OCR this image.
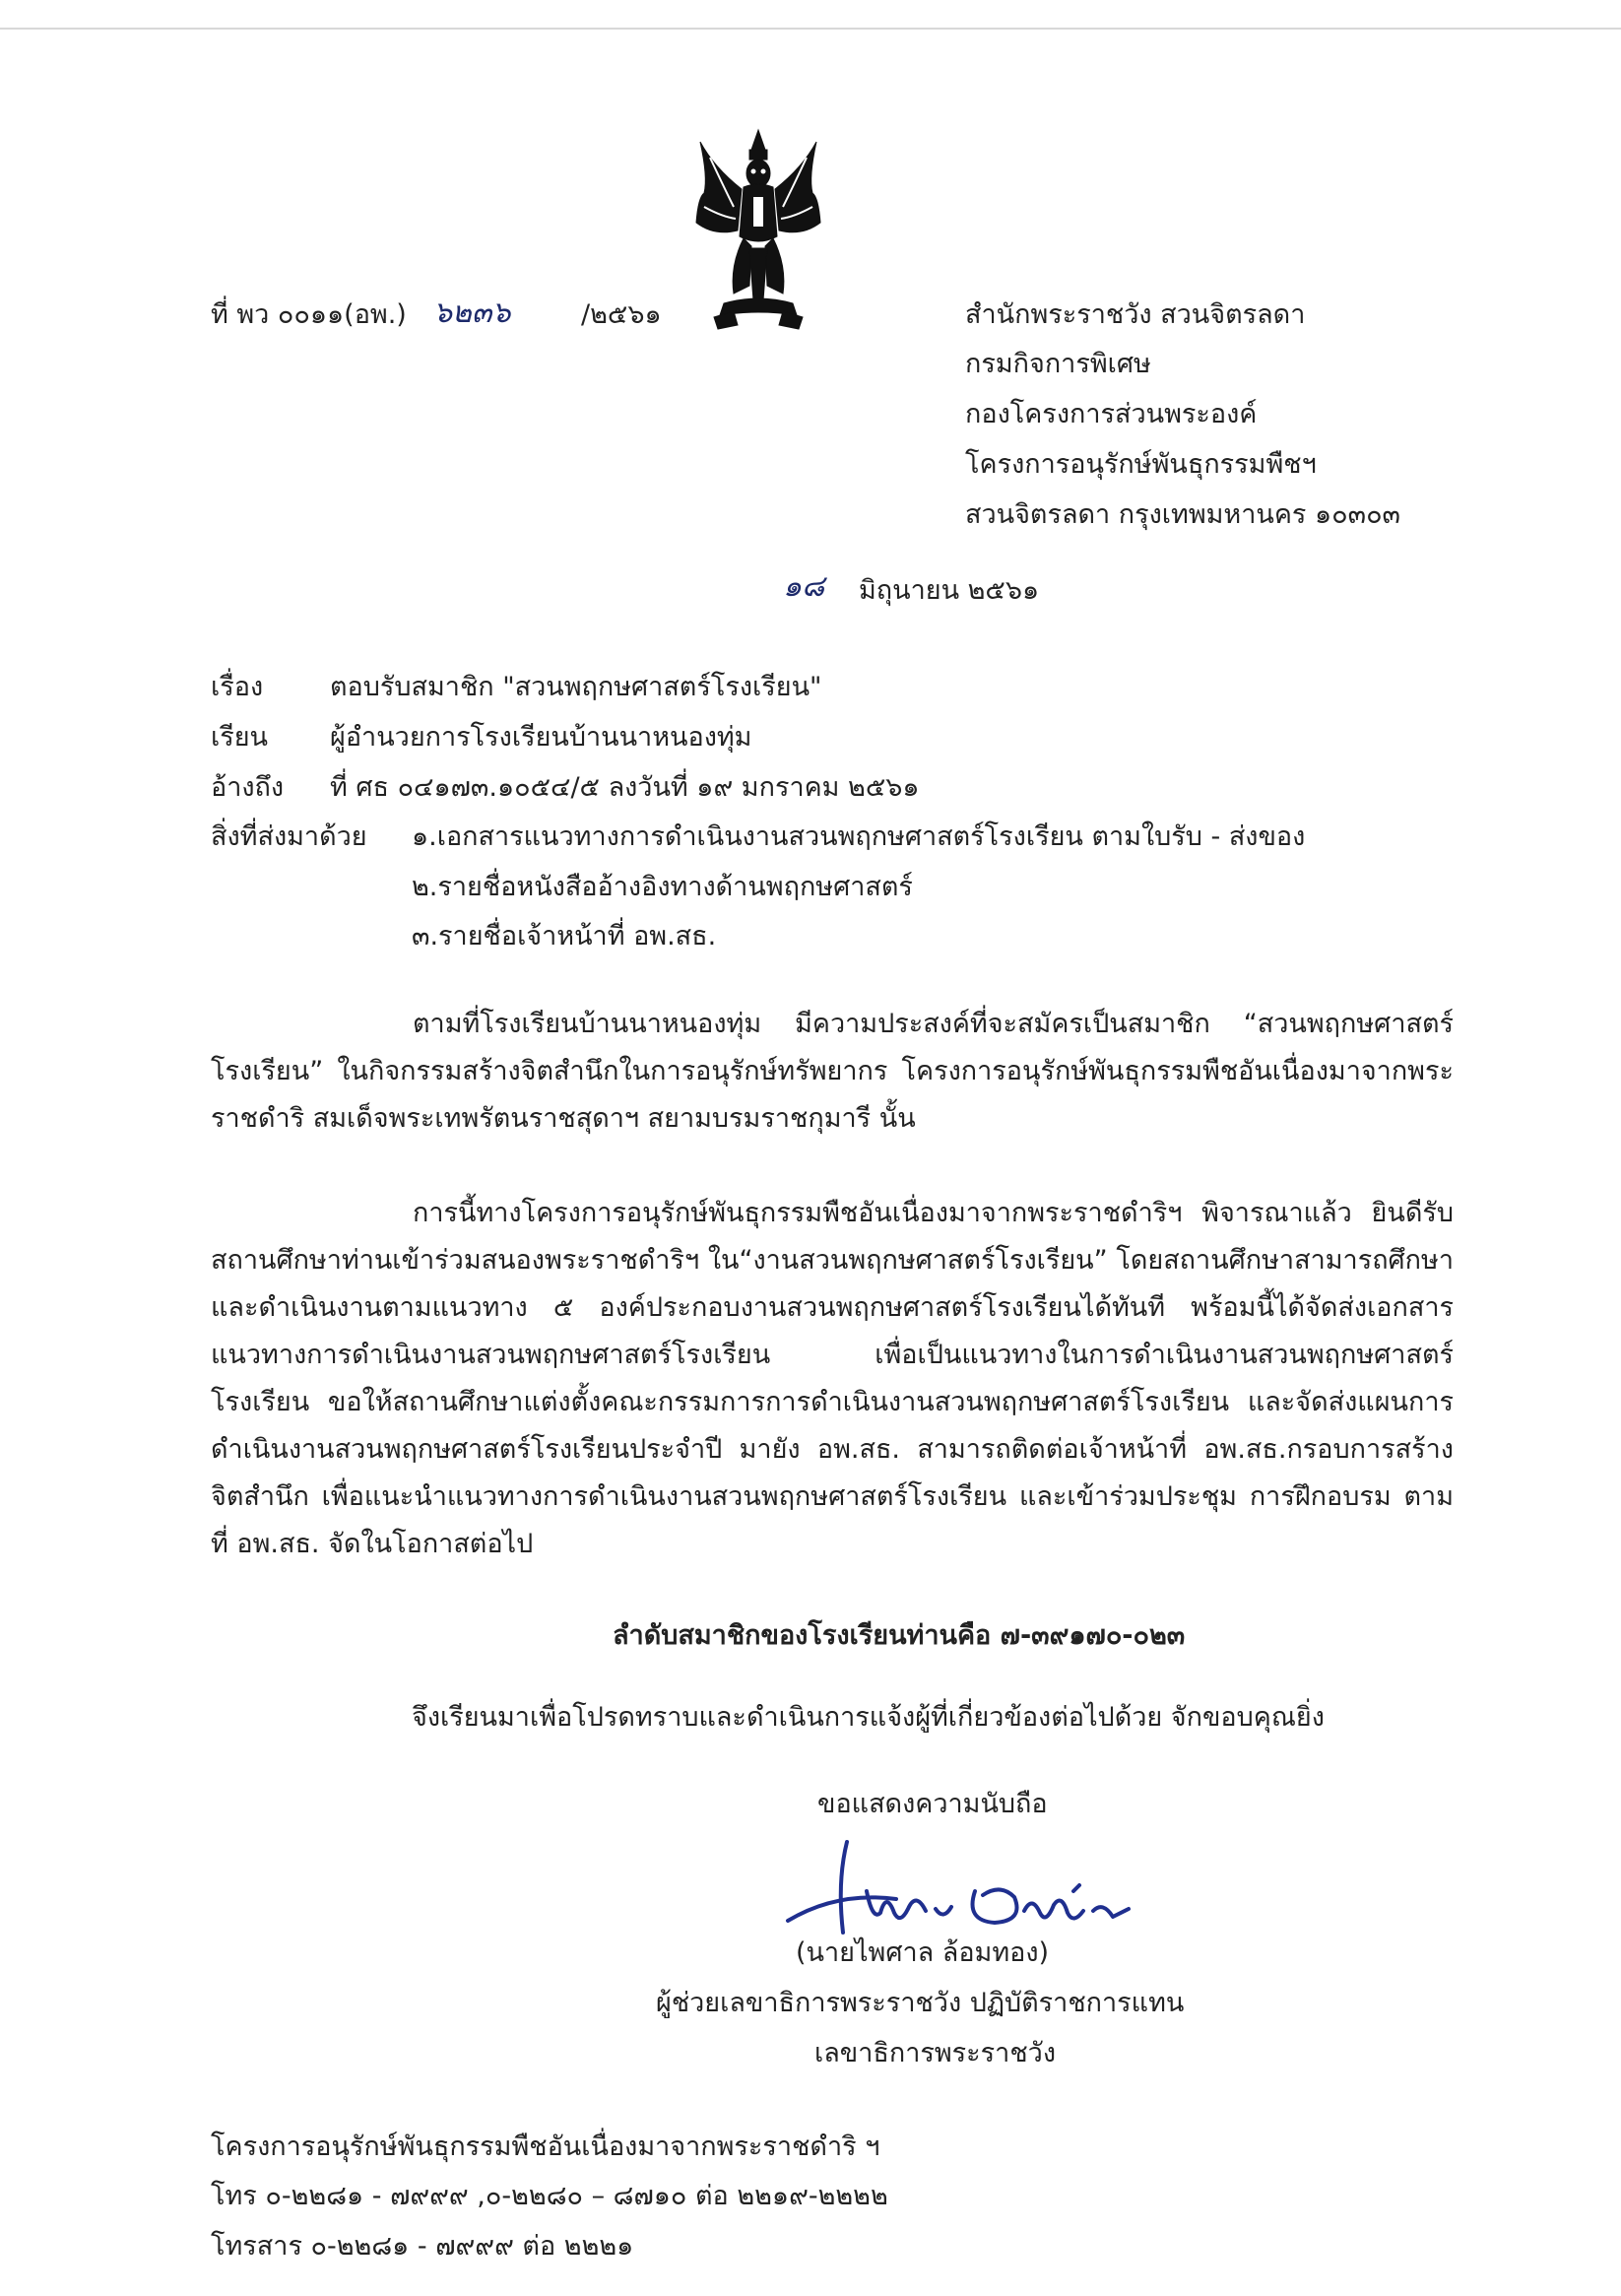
ที่ พว ๐๐๑๑(อพ.) ๖๒๓๖	/๒๕๖๑	สำนักพระราชวัง สวนจิตรลดา
กรมกิจการพิเศษ
กองโครงการส่วนพระองค์
โครงการอนุรักษ์พันธุกรรมพืชฯ
สวนจิตรลดา กรุงเทพมหานคร ๑๐๓๐๓
๑๘ มิถุนายน ๒๕๖๑
เรื่อง	ตอบรับสมาชิก "สวนพฤกษศาสตร์โรงเรียน"
เรียน ผู้อำนวยการโรงเรียนบ้านนาหนองทุ่ม
อ้างถึง ที่ ศธ ๐๔๑๗๓.๑๐๕๔/๕ ลงวันที่ ๑๙ มกราคม ๒๕๖๑
สิ่งที่ส่งมาด้วย ๑.เอกสารแนวทางการดำเนินงานสวนพฤกษศาสตร์โรงเรียน ตามใบรับ - ส่งของ
๒.รายชื่อหนังสืออ้างอิงทางด้านพฤกษศาสตร์
๓.รายชื่อเจ้าหน้าที่ อพ.สธ.

ตามที่โรงเรียนบ้านนาหนองทุ่ม มีความประสงค์ที่จะสมัครเป็นสมาชิก “สวนพฤกษศาสตร์โรงเรียน” ในกิจกรรมสร้างจิตสำนึกในการอนุรักษ์ทรัพยากร โครงการอนุรักษ์พันธุกรรมพืชอันเนื่องมาจากพระราชดำริ สมเด็จพระเทพรัตนราชสุดาฯ สยามบรมราชกุมารี นั้น

การนี้ทางโครงการอนุรักษ์พันธุกรรมพืชอันเนื่องมาจากพระราชดำริฯ พิจารณาแล้ว ยินดีรับสถานศึกษาท่านเข้าร่วมสนองพระราชดำริฯ ใน“งานสวนพฤกษศาสตร์โรงเรียน” โดยสถานศึกษาสามารถศึกษาและดำเนินงานตามแนวทาง ๕ องค์ประกอบงานสวนพฤกษศาสตร์โรงเรียนได้ทันที พร้อมนี้ได้จัดส่งเอกสารแนวทางการดำเนินงานสวนพฤกษศาสตร์โรงเรียน เพื่อเป็นแนวทางในการดำเนินงานสวนพฤกษศาสตร์โรงเรียน ขอให้สถานศึกษาแต่งตั้งคณะกรรมการการดำเนินงานสวนพฤกษศาสตร์โรงเรียน และจัดส่งแผนการดำเนินงานสวนพฤกษศาสตร์โรงเรียนประจำปี มายัง อพ.สธ. สามารถติดต่อเจ้าหน้าที่ อพ.สธ.กรอบการสร้างจิตสำนึก เพื่อแนะนำแนวทางการดำเนินงานสวนพฤกษศาสตร์โรงเรียน และเข้าร่วมประชุม การฝึกอบรม ตามที่ อพ.สธ. จัดในโอกาสต่อไป

ลำดับสมาชิกของโรงเรียนท่านคือ ๗-๓๙๑๗๐-๐๒๓
จึงเรียนมาเพื่อโปรดทราบและดำเนินการแจ้งผู้ที่เกี่ยวข้องต่อไปด้วย จักขอบคุณยิ่ง
ขอแสดงความนับถือ
(นายไพศาล ล้อมทอง)
ผู้ช่วยเลขาธิการพระราชวัง ปฏิบัติราชการแทน
เลขาธิการพระราชวัง
โครงการอนุรักษ์พันธุกรรมพืชอันเนื่องมาจากพระราชดำริ ฯ
โทร ๐-๒๒๘๑ - ๗๙๙๙ ,๐-๒๒๘๐ – ๘๗๑๐ ต่อ ๒๒๑๙-๒๒๒๒
โทรสาร ๐-๒๒๘๑ - ๗๙๙๙ ต่อ ๒๒๒๑
